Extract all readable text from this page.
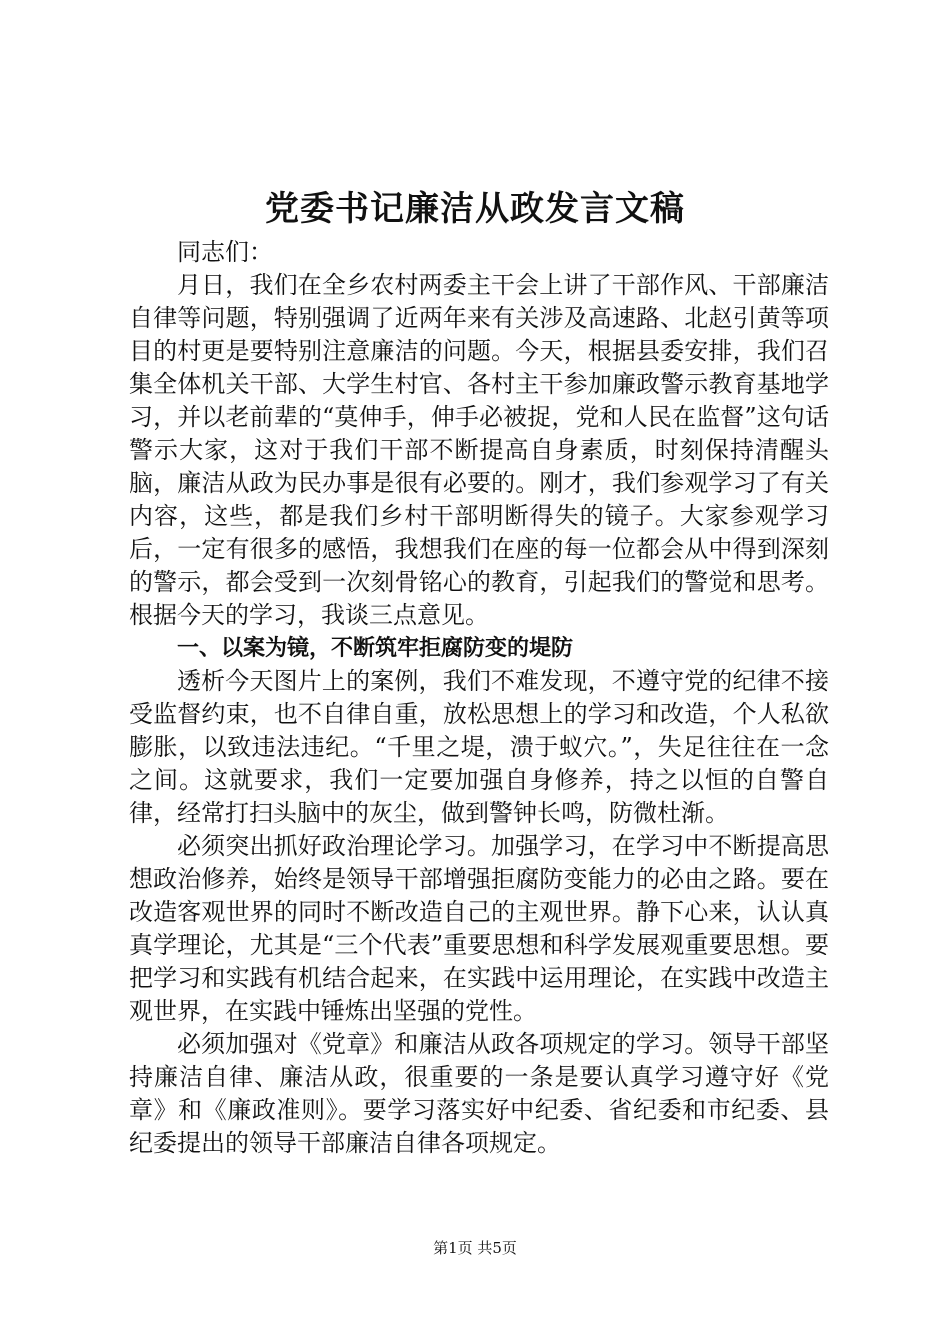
党委书记廉洁从政发言文稿

同志们：

月日，我们在全乡农村两委主干会上讲了干部作风、干部廉洁自律等问题，特别强调了近两年来有关涉及高速路、北赵引黄等项目的村更是要特别注意廉洁的问题。今天，根据县委安排，我们召集全体机关干部、大学生村官、各村主干参加廉政警示教育基地学习，并以老前辈的“莫伸手，伸手必被捉，党和人民在监督”这句话警示大家，这对于我们干部不断提高自身素质，时刻保持清醒头脑，廉洁从政为民办事是很有必要的。刚才，我们参观学习了有关内容，这些，都是我们乡村干部明断得失的镜子。大家参观学习后，一定有很多的感悟，我想我们在座的每一位都会从中得到深刻的警示，都会受到一次刻骨铭心的教育，引起我们的警觉和思考。根据今天的学习，我谈三点意见。

一、以案为镜，不断筑牢拒腐防变的堤防

透析今天图片上的案例，我们不难发现，不遵守党的纪律不接受监督约束，也不自律自重，放松思想上的学习和改造，个人私欲膨胀，以致违法违纪。“千里之堤，溃于蚁穴。”，失足往往在一念之间。这就要求，我们一定要加强自身修养，持之以恒的自警自律，经常打扫头脑中的灰尘，做到警钟长鸣，防微杜渐。

必须突出抓好政治理论学习。加强学习，在学习中不断提高思想政治修养，始终是领导干部增强拒腐防变能力的必由之路。要在改造客观世界的同时不断改造自己的主观世界。静下心来，认认真真学理论，尤其是“三个代表”重要思想和科学发展观重要思想。要把学习和实践有机结合起来，在实践中运用理论，在实践中改造主观世界，在实践中锤炼出坚强的党性。

必须加强对《党章》和廉洁从政各项规定的学习。领导干部坚持廉洁自律、廉洁从政，很重要的一条是要认真学习遵守好《党章》和《廉政准则》。要学习落实好中纪委、省纪委和市纪委、县纪委提出的领导干部廉洁自律各项规定。

第1页 共5页
